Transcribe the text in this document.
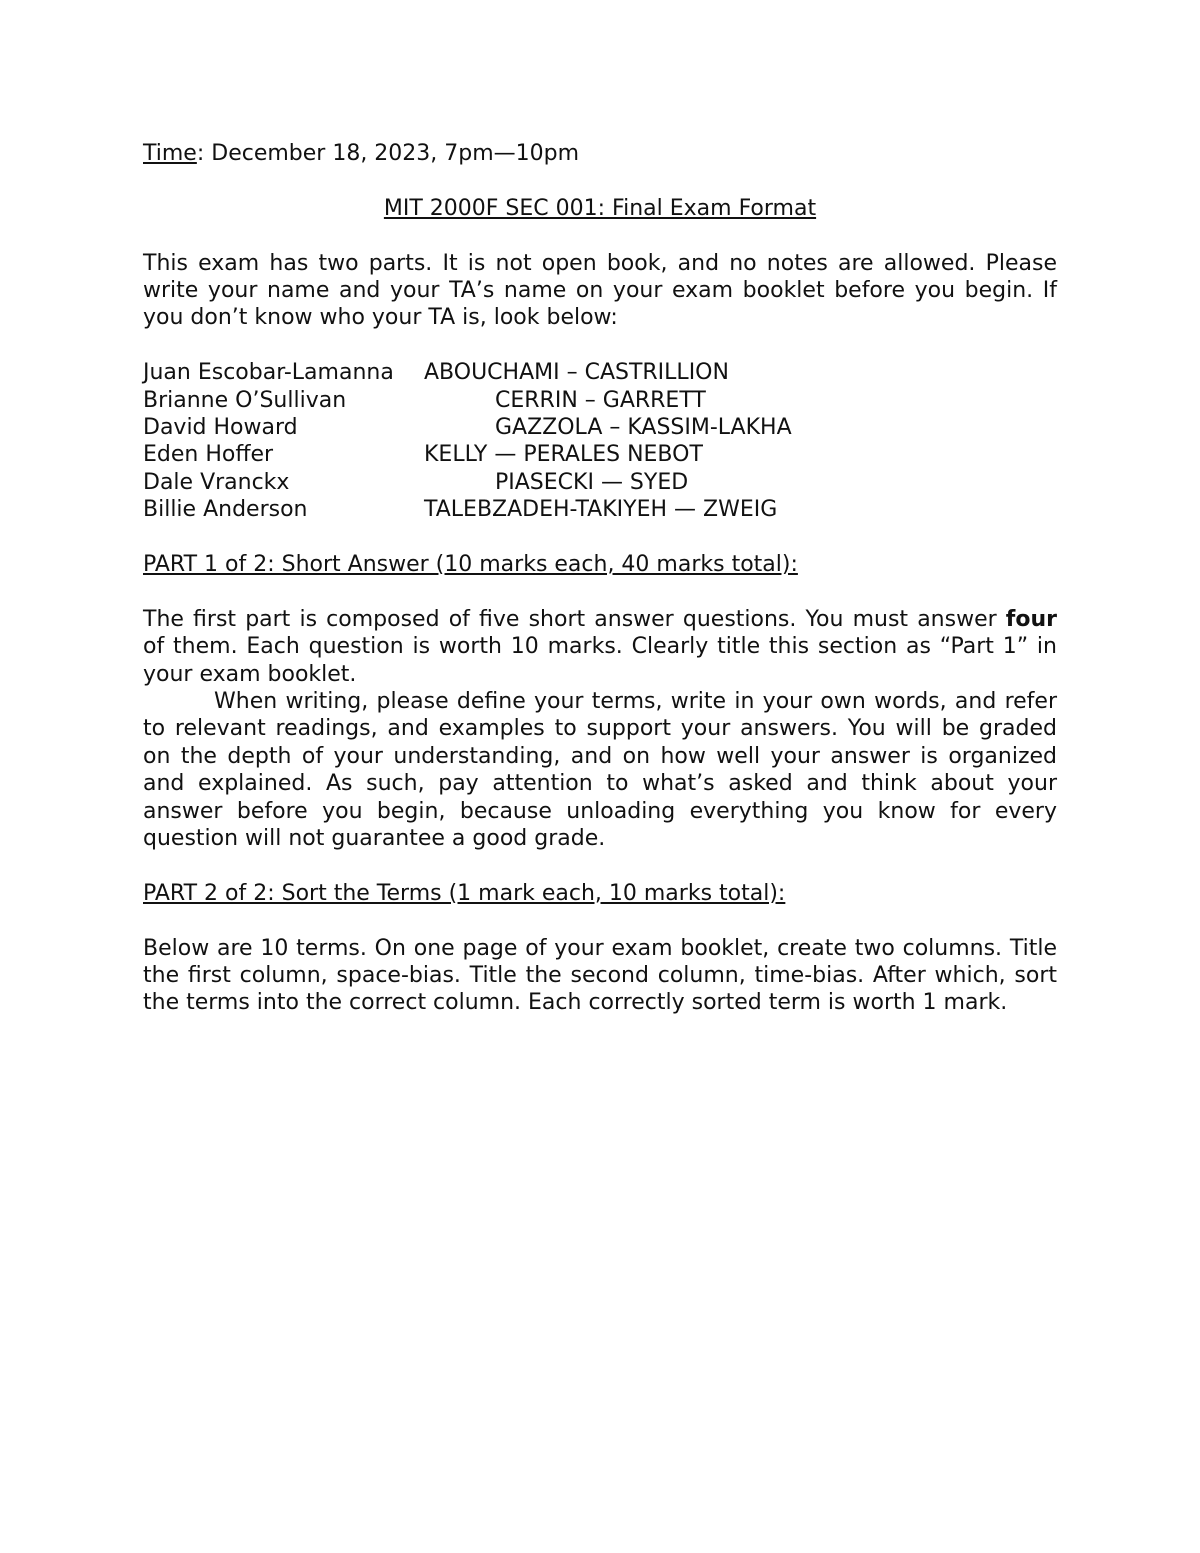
Time: December 18, 2023, 7pm—10pm

MIT 2000F SEC 001: Final Exam Format

This exam has two parts. It is not open book, and no notes are allowed. Please write your name and your TA’s name on your exam booklet before you begin. If you don’t know who your TA is, look below:

Juan Escobar-Lamanna	ABOUCHAMI – CASTRILLION
Brianne O’Sullivan	CERRIN – GARRETT
David Howard	GAZZOLA – KASSIM-LAKHA
Eden Hoffer	KELLY — PERALES NEBOT
Dale Vranckx	PIASECKI — SYED
Billie Anderson	TALEBZADEH-TAKIYEH — ZWEIG

PART 1 of 2: Short Answer (10 marks each, 40 marks total):

The first part is composed of five short answer questions. You must answer four of them. Each question is worth 10 marks. Clearly title this section as “Part 1” in your exam booklet.

When writing, please define your terms, write in your own words, and refer to relevant readings, and examples to support your answers. You will be graded on the depth of your understanding, and on how well your answer is organized and explained. As such, pay attention to what’s asked and think about your answer before you begin, because unloading everything you know for every question will not guarantee a good grade.

PART 2 of 2: Sort the Terms (1 mark each, 10 marks total):

Below are 10 terms. On one page of your exam booklet, create two columns. Title the first column, space-bias. Title the second column, time-bias. After which, sort the terms into the correct column. Each correctly sorted term is worth 1 mark.
